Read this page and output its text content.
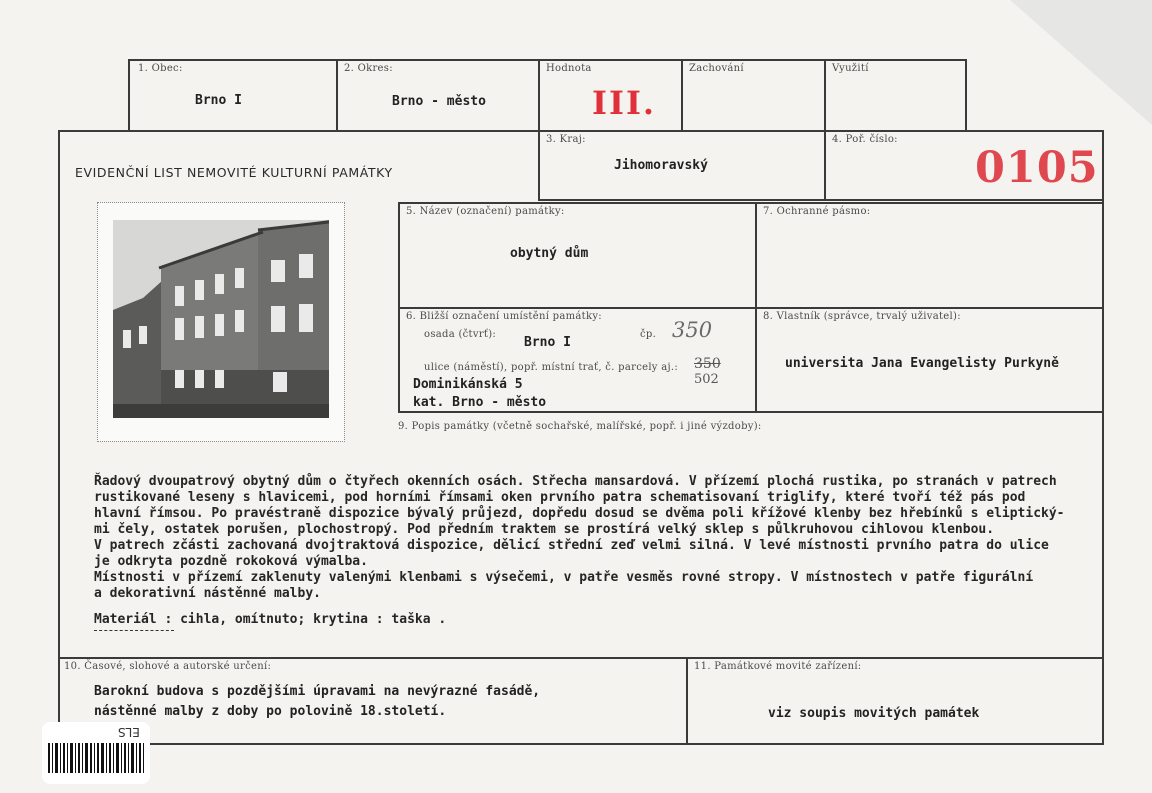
1. Obec:
Brno I
2. Okres:
Brno - město
Hodnota
III.
Zachování	Využití
EVIDENČNÍ LIST NEMOVITÉ KULTURNÍ PAMÁTKY
3. Kraj:
Jihomoravský
4. Poř. číslo:
0105
5. Název (označení) památky:
obytný dům
7. Ochranné pásmo:
6. Bližší označení umístění památky:
osada (čtvrť):
Brno I
čp. 350
ulice (náměstí), popř. místní trať, č. parcely aj.: 350
502
Dominikánská 5
kat. Brno - město
8. Vlastník (správce, trvalý uživatel):
universita Jana Evangelisty Purkyně
9. Popis památky (včetně sochařské, malířské, popř. i jiné výzdoby):
Řadový dvoupatrový obytný dům o čtyřech okenních osách. Střecha mansardová. V přízemí plochá rustika, po stranách v patrech
rustikované leseny s hlavicemi, pod horními římsami oken prvního patra schematisovaní triglify, které tvoří též pás pod
hlavní římsou. Po pravéstraně dispozice bývalý průjezd, dopředu dosud se dvěma poli křížové klenby bez hřebínků s eliptický-
mi čely, ostatek porušen, plochostropý. Pod předním traktem se prostírá velký sklep s půlkruhovou cihlovou klenbou.
V patrech zčásti zachovaná dvojtraktová dispozice, dělicí střední zeď velmi silná. V levé místnosti prvního patra do ulice
je odkryta pozdně rokoková výmalba.
Místnosti v přízemí zaklenuty valenými klenbami s výsečemi, v patře vesměs rovné stropy. V místnostech v patře figurální
a dekorativní nástěnné malby.
Materiál : cihla, omítnuto; krytina : taška .
10. Časové, slohové a autorské určení:
Barokní budova s pozdějšími úpravami na nevýrazné fasádě,
nástěnné malby z doby po polovině 18.století.
11. Památkové movité zařízení:
viz soupis movitých památek
ELS
